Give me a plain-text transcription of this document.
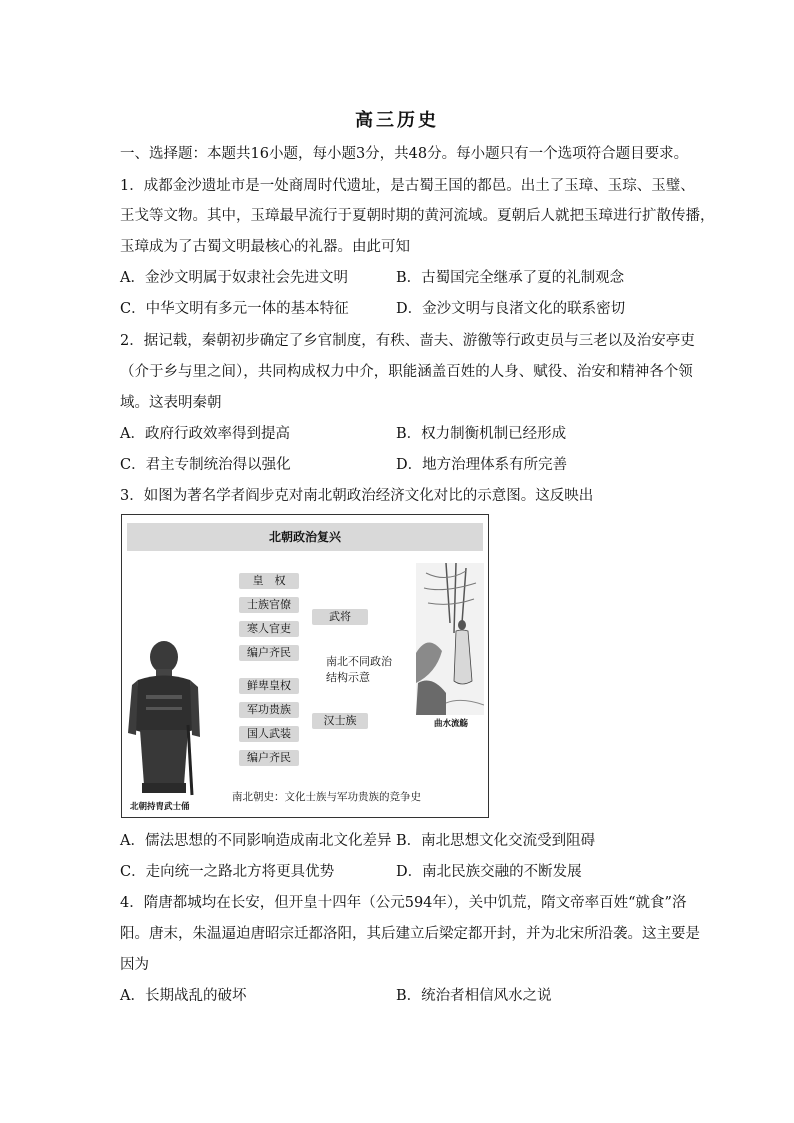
高三历史
一、选择题：本题共16小题，每小题3分，共48分。每小题只有一个选项符合题目要求。
1．成都金沙遗址市是一处商周时代遗址，是古蜀王国的都邑。出土了玉璋、玉琮、玉璧、
王戈等文物。其中，玉璋最早流行于夏朝时期的黄河流域。夏朝后人就把玉璋进行扩散传播，
玉璋成为了古蜀文明最核心的礼器。由此可知
A．金沙文明属于奴隶社会先进文明	B．古蜀国完全继承了夏的礼制观念
C．中华文明有多元一体的基本特征	D．金沙文明与良渚文化的联系密切
2．据记载，秦朝初步确定了乡官制度，有秩、啬夫、游徼等行政吏员与三老以及治安亭吏
（介于乡与里之间），共同构成权力中介，职能涵盖百姓的人身、赋役、治安和精神各个领
域。这表明秦朝
A．政府行政效率得到提高	B．权力制衡机制已经形成
C．君主专制统治得以强化	D．地方治理体系有所完善
3．如图为著名学者阎步克对南北朝政治经济文化对比的示意图。这反映出
北朝政治复兴
皇　权
士族官僚
寒人官吏
编户齐民
鲜卑皇权
军功贵族
国人武装
编户齐民
武将
汉士族
南北不同政治
结构示意
北朝持胄武士俑
曲水流觞
南北朝史：文化士族与军功贵族的竞争史
A．儒法思想的不同影响造成南北文化差异 B．南北思想文化交流受到阻碍
C．走向统一之路北方将更具优势	D．南北民族交融的不断发展
4．隋唐都城均在长安，但开皇十四年（公元594年），关中饥荒，隋文帝率百姓“就食”洛
阳。唐末，朱温逼迫唐昭宗迁都洛阳，其后建立后梁定都开封，并为北宋所沿袭。这主要是
因为
A．长期战乱的破坏	B．统治者相信风水之说
